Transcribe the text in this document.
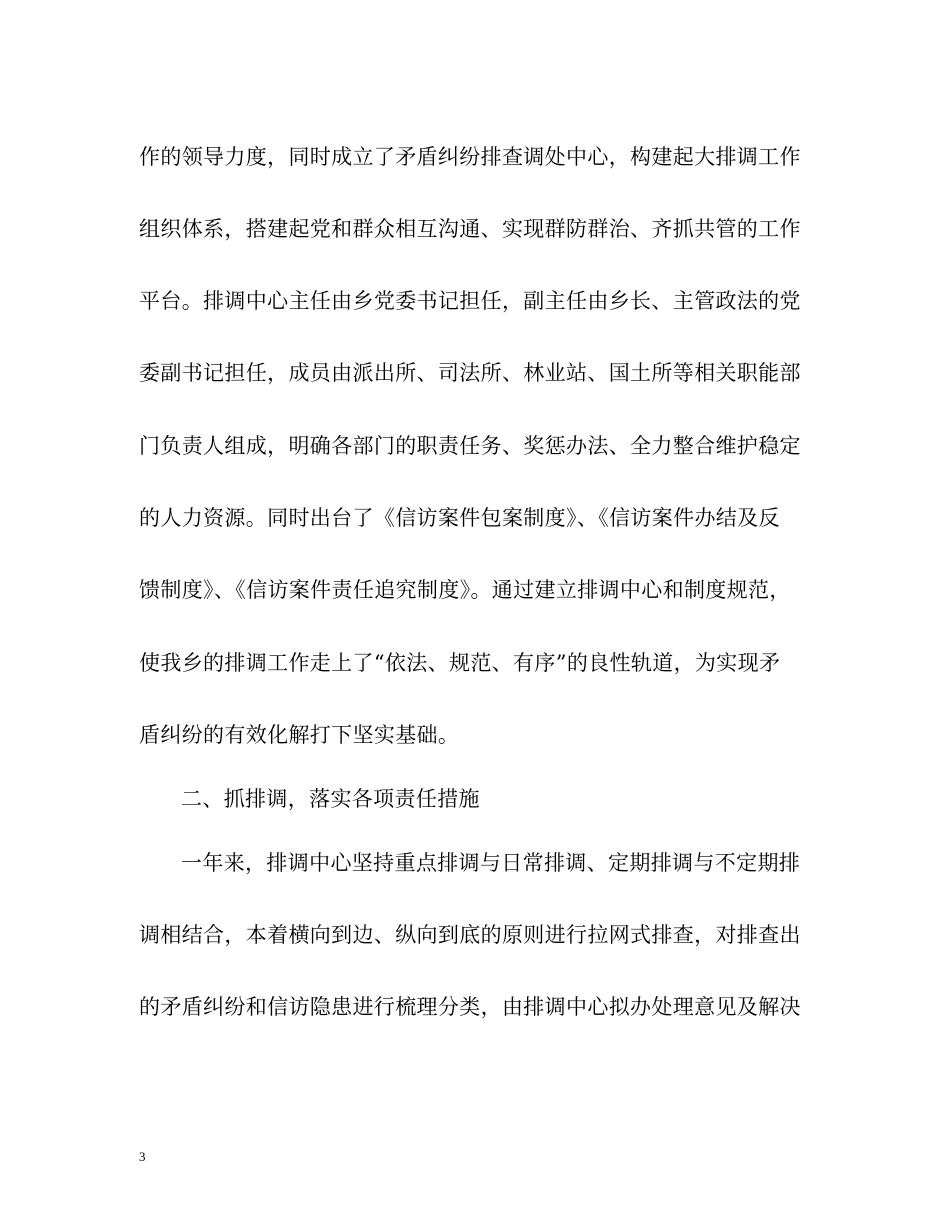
作的领导力度，同时成立了矛盾纠纷排查调处中心，构建起大排调工作
组织体系，搭建起党和群众相互沟通、实现群防群治、齐抓共管的工作
平台。排调中心主任由乡党委书记担任，副主任由乡长、主管政法的党
委副书记担任，成员由派出所、司法所、林业站、国土所等相关职能部
门负责人组成，明确各部门的职责任务、奖惩办法、全力整合维护稳定
的人力资源。同时出台了《信访案件包案制度》、《信访案件办结及反
馈制度》、《信访案件责任追究制度》。通过建立排调中心和制度规范，
使我乡的排调工作走上了“依法、规范、有序”的良性轨道，为实现矛
盾纠纷的有效化解打下坚实基础。
二、抓排调，落实各项责任措施
一年来，排调中心坚持重点排调与日常排调、定期排调与不定期排
调相结合，本着横向到边、纵向到底的原则进行拉网式排查，对排查出
的矛盾纠纷和信访隐患进行梳理分类，由排调中心拟办处理意见及解决
3
